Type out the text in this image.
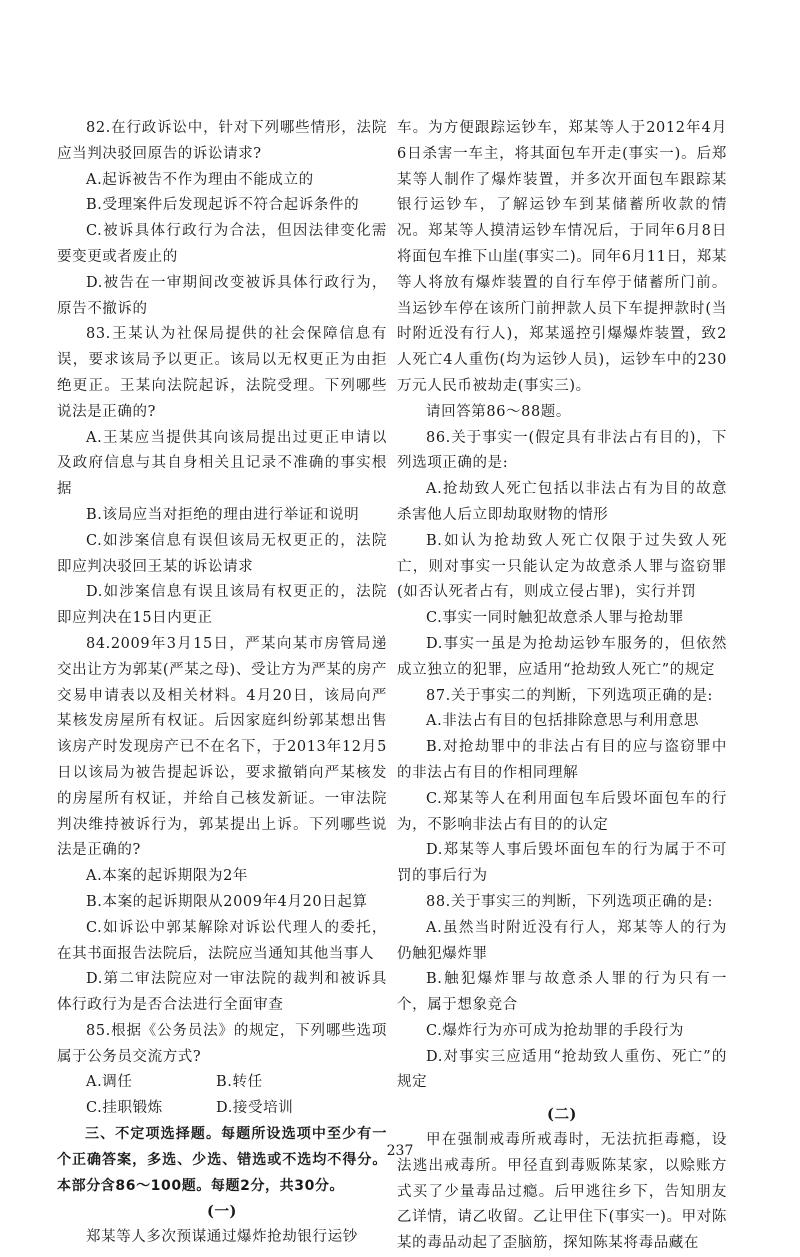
82.在行政诉讼中，针对下列哪些情形，法院应当判决驳回原告的诉讼请求?

A.起诉被告不作为理由不能成立的

B.受理案件后发现起诉不符合起诉条件的

C.被诉具体行政行为合法，但因法律变化需要变更或者废止的

D.被告在一审期间改变被诉具体行政行为，原告不撤诉的

83.王某认为社保局提供的社会保障信息有误，要求该局予以更正。该局以无权更正为由拒绝更正。王某向法院起诉，法院受理。下列哪些说法是正确的?

A.王某应当提供其向该局提出过更正申请以及政府信息与其自身相关且记录不准确的事实根据

B.该局应当对拒绝的理由进行举证和说明

C.如涉案信息有误但该局无权更正的，法院即应判决驳回王某的诉讼请求

D.如涉案信息有误且该局有权更正的，法院即应判决在15日内更正

84.2009年3月15日，严某向某市房管局递交出让方为郭某(严某之母)、受让方为严某的房产交易申请表以及相关材料。4月20日，该局向严某核发房屋所有权证。后因家庭纠纷郭某想出售该房产时发现房产已不在名下，于2013年12月5日以该局为被告提起诉讼，要求撤销向严某核发的房屋所有权证，并给自己核发新证。一审法院判决维持被诉行为，郭某提出上诉。下列哪些说法是正确的?

A.本案的起诉期限为2年

B.本案的起诉期限从2009年4月20日起算

C.如诉讼中郭某解除对诉讼代理人的委托，在其书面报告法院后，法院应当通知其他当事人

D.第二审法院应对一审法院的裁判和被诉具体行政行为是否合法进行全面审查

85.根据《公务员法》的规定，下列哪些选项属于公务员交流方式?

A.调任	B.转任
C.挂职锻炼	D.接受培训

三、不定项选择题。每题所设选项中至少有一个正确答案，多选、少选、错选或不选均不得分。本部分含86～100题。每题2分，共30分。

(一)

郑某等人多次预谋通过爆炸抢劫银行运钞

车。为方便跟踪运钞车，郑某等人于2012年4月6日杀害一车主，将其面包车开走(事实一)。后郑某等人制作了爆炸装置，并多次开面包车跟踪某银行运钞车，了解运钞车到某储蓄所收款的情况。郑某等人摸清运钞车情况后，于同年6月8日将面包车推下山崖(事实二)。同年6月11日，郑某等人将放有爆炸装置的自行车停于储蓄所门前。当运钞车停在该所门前押款人员下车提押款时(当时附近没有行人)，郑某遥控引爆爆炸装置，致2人死亡4人重伤(均为运钞人员)，运钞车中的230万元人民币被劫走(事实三)。

请回答第86～88题。

86.关于事实一(假定具有非法占有目的)，下列选项正确的是:

A.抢劫致人死亡包括以非法占有为目的故意杀害他人后立即劫取财物的情形

B.如认为抢劫致人死亡仅限于过失致人死亡，则对事实一只能认定为故意杀人罪与盗窃罪(如否认死者占有，则成立侵占罪)，实行并罚

C.事实一同时触犯故意杀人罪与抢劫罪

D.事实一虽是为抢劫运钞车服务的，但依然成立独立的犯罪，应适用“抢劫致人死亡”的规定

87.关于事实二的判断，下列选项正确的是:

A.非法占有目的包括排除意思与利用意思

B.对抢劫罪中的非法占有目的应与盗窃罪中的非法占有目的作相同理解

C.郑某等人在利用面包车后毁坏面包车的行为，不影响非法占有目的的认定

D.郑某等人事后毁坏面包车的行为属于不可罚的事后行为

88.关于事实三的判断，下列选项正确的是:

A.虽然当时附近没有行人，郑某等人的行为仍触犯爆炸罪

B.触犯爆炸罪与故意杀人罪的行为只有一个，属于想象竞合

C.爆炸行为亦可成为抢劫罪的手段行为

D.对事实三应适用“抢劫致人重伤、死亡”的规定

(二)

甲在强制戒毒所戒毒时，无法抗拒毒瘾，设法逃出戒毒所。甲径直到毒贩陈某家，以赊账方式买了少量毒品过瘾。后甲逃往乡下，告知朋友乙详情，请乙收留。乙让甲住下(事实一)。甲对陈某的毒品动起了歪脑筋，探知陈某将毒品藏在

237
